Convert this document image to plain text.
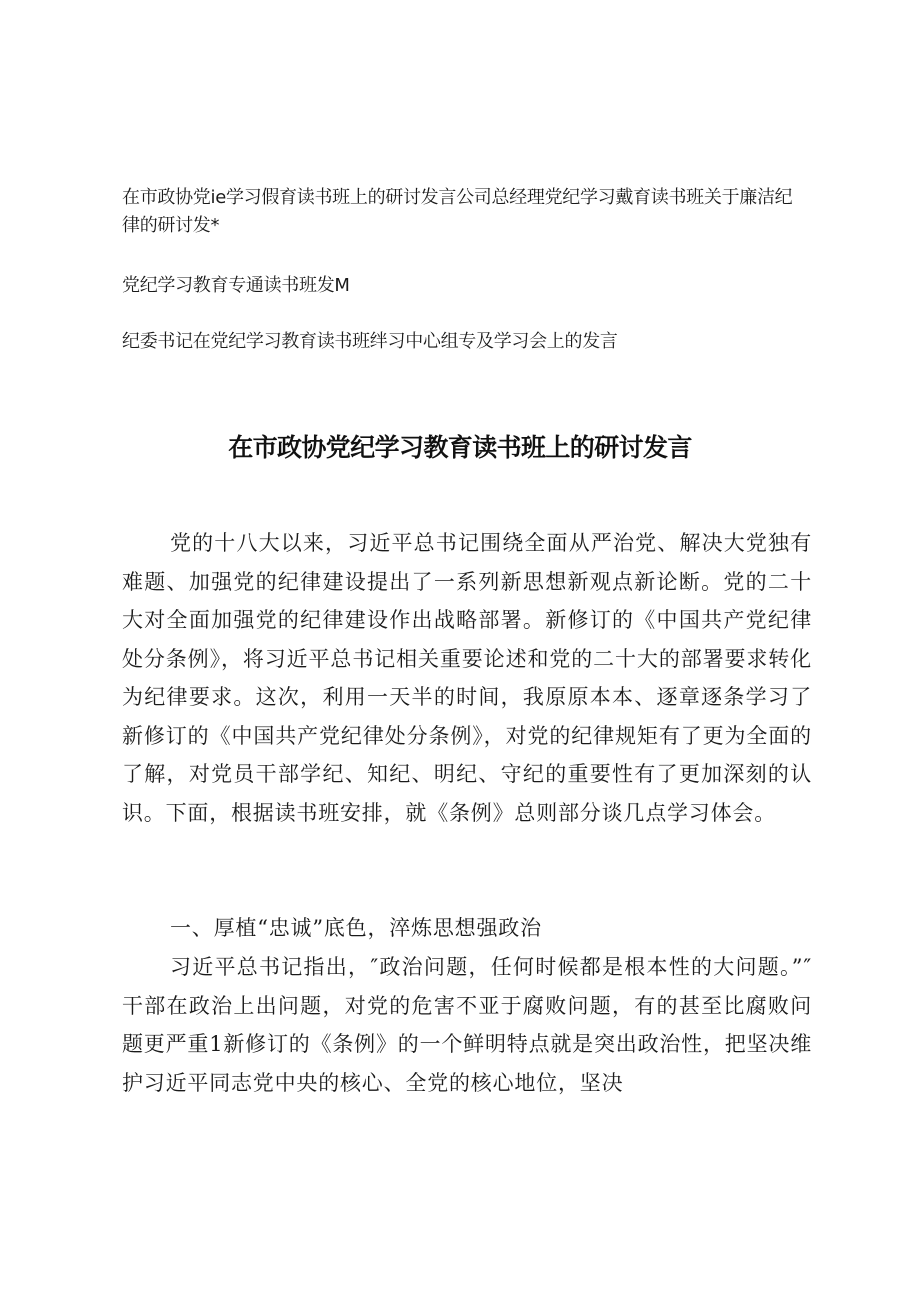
在市政协党ie学习假育读书班上的研讨发言公司总经理党纪学习戴育读书班关于廉洁纪律的研讨发*

党纪学习教育专通读书班发M

纪委书记在党纪学习教育读书班绊习中心组专及学习会上的发言

在市政协党纪学习教育读书班上的研讨发言

党的十八大以来，习近平总书记围绕全面从严治党、解决大党独有难题、加强党的纪律建设提出了一系列新思想新观点新论断。党的二十大对全面加强党的纪律建设作出战略部署。新修订的《中国共产党纪律处分条例》，将习近平总书记相关重要论述和党的二十大的部署要求转化为纪律要求。这次，利用一天半的时间，我原原本本、逐章逐条学习了新修订的《中国共产党纪律处分条例》，对党的纪律规矩有了更为全面的了解，对党员干部学纪、知纪、明纪、守纪的重要性有了更加深刻的认识。下面，根据读书班安排，就《条例》总则部分谈几点学习体会。

一、厚植“忠诚”底色，淬炼思想强政治

习近平总书记指出，″政治问题，任何时候都是根本性的大问题。”″干部在政治上出问题，对党的危害不亚于腐败问题，有的甚至比腐败问题更严重1新修订的《条例》的一个鲜明特点就是突出政治性，把坚决维护习近平同志党中央的核心、全党的核心地位，坚决
